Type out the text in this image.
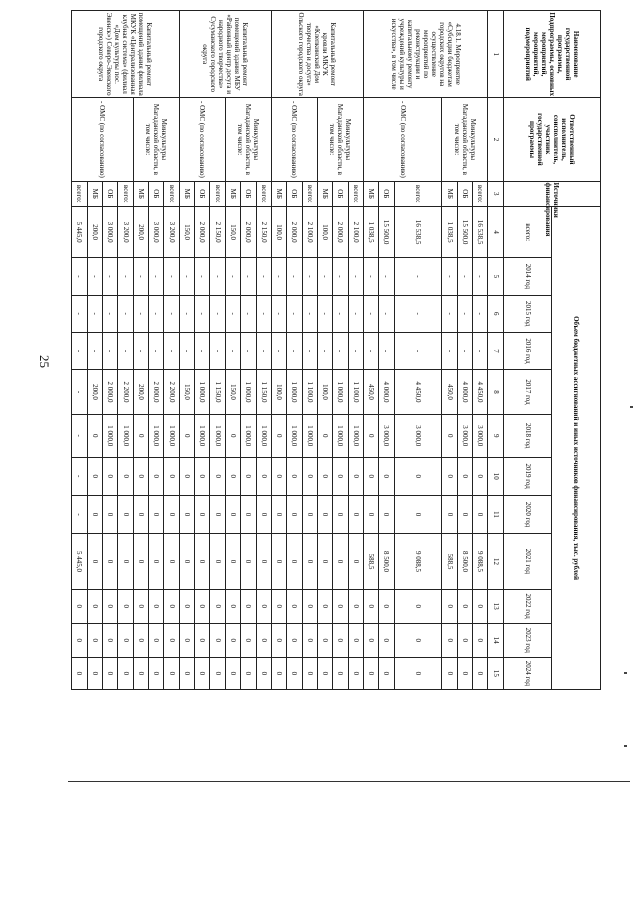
25
Наименование государственной программы, Подпрограммы, основных мероприятий, мероприятий, подмероприятий	Ответственный исполнитель, соисполнитель, участник государственной программы	Источники финансирования	Объем бюджетных ассигнований и иных источников финансирования, тыс. рублей											
			всего:	2014 год	2015 год	2016 год	2017 год	2018 год	2019 год	2020 год	2021 год	2022 год	2023 год	2024 год
1	2	3	4	5	6	7	8	9	10	11	12	13	14	15
4.18.1. Мероприятие «Субсидии бюджетам городских округов на осуществление мероприятий по реконструкции и капитальному ремонту учреждений культуры и искусства», в том числе	Минкультуры Магаданской области, в том числе:	всего:	16 538,5	-	-	-	4 450,0	3 000,0	0	0	9 088,5	0	0	0
		ОБ	15 500,0	-	-	-	4 000,0	3 000,0	0	0	8 500,0	0	0	0
		МБ	1 038,5	-	-	-	450,0	0	0	0	588,5	0	0	0
	- ОМС (по согласованию)	всего:	16 538,5	-	-	-	4 450,0	3 000,0	0	0	9 088,5	0	0	0
		ОБ	15 500,0	-	-	-	4 000,0	3 000,0	0	0	8 500,0	0	0	0
		МБ	1 038,5	-	-	-	450,0	0	0	0	588,5	0	0	0
Капитальный ремонт кровли МКУК «Клепкинский Дом творчества и досуга» Ольского городского округа	Минкультуры Магаданской области, в том числе:	всего:	2 100,0	-	-	-	1 100,0	1 000,0	0	0	0	0	0	0
		ОБ	2 000,0	-	-	-	1 000,0	1 000,0	0	0	0	0	0	0
		МБ	100,0	-	-	-	100,0	0	0	0	0	0	0	0
	- ОМС (по согласованию)	всего:	2 100,0	-	-	-	1 100,0	1 000,0	0	0	0	0	0	0
		ОБ	2 000,0	-	-	-	1 000,0	1 000,0	0	0	0	0	0	0
		МБ	100,0	-	-	-	100,0	0	0	0	0	0	0	0
Капитальный ремонт помещений здания МБУ «Районный центр досуга и народного творчества» Сусуманского городского округа	Минкультуры Магаданской области, в том числе:	всего:	2 150,0	-	-	-	1 150,0	1 000,0	0	0	0	0	0	0
		ОБ	2 000,0	-	-	-	1 000,0	1 000,0	0	0	0	0	0	0
		МБ	150,0	-	-	-	150,0	0	0	0	0	0	0	0
	- ОМС (по согласованию)	всего:	2 150,0	-	-	-	1 150,0	1 000,0	0	0	0	0	0	0
		ОБ	2 000,0	-	-	-	1 000,0	1 000,0	0	0	0	0	0	0
		МБ	150,0	-	-	-	150,0	0	0	0	0	0	0	0
Капитальный ремонт помещений здания филиала МКУК «Централизованная клубная система» (филиал «Дом культуры пос. Эвенск») Северо-Эвенского городского округа	Минкультуры Магаданской области, в том числе:	всего:	3 200,0	-	-	-	2 200,0	1 000,0	0	0	0	0	0	0
		ОБ	3 000,0	-	-	-	2 000,0	1 000,0	0	0	0	0	0	0
		МБ	200,0	-	-	-	200,0	0	0	0	0	0	0	0
	- ОМС (по согласованию)	всего:	3 200,0	-	-	-	2 200,0	1 000,0	0	0	0	0	0	0
		ОБ	3 000,0	-	-	-	2 000,0	1 000,0	0	0	0	0	0	0
		МБ	200,0	-	-	-	200,0	0	0	0	0	0	0	0
		всего:	5 445,0	-	-	-	-	-	-	-	5 445,0	0	0	0
